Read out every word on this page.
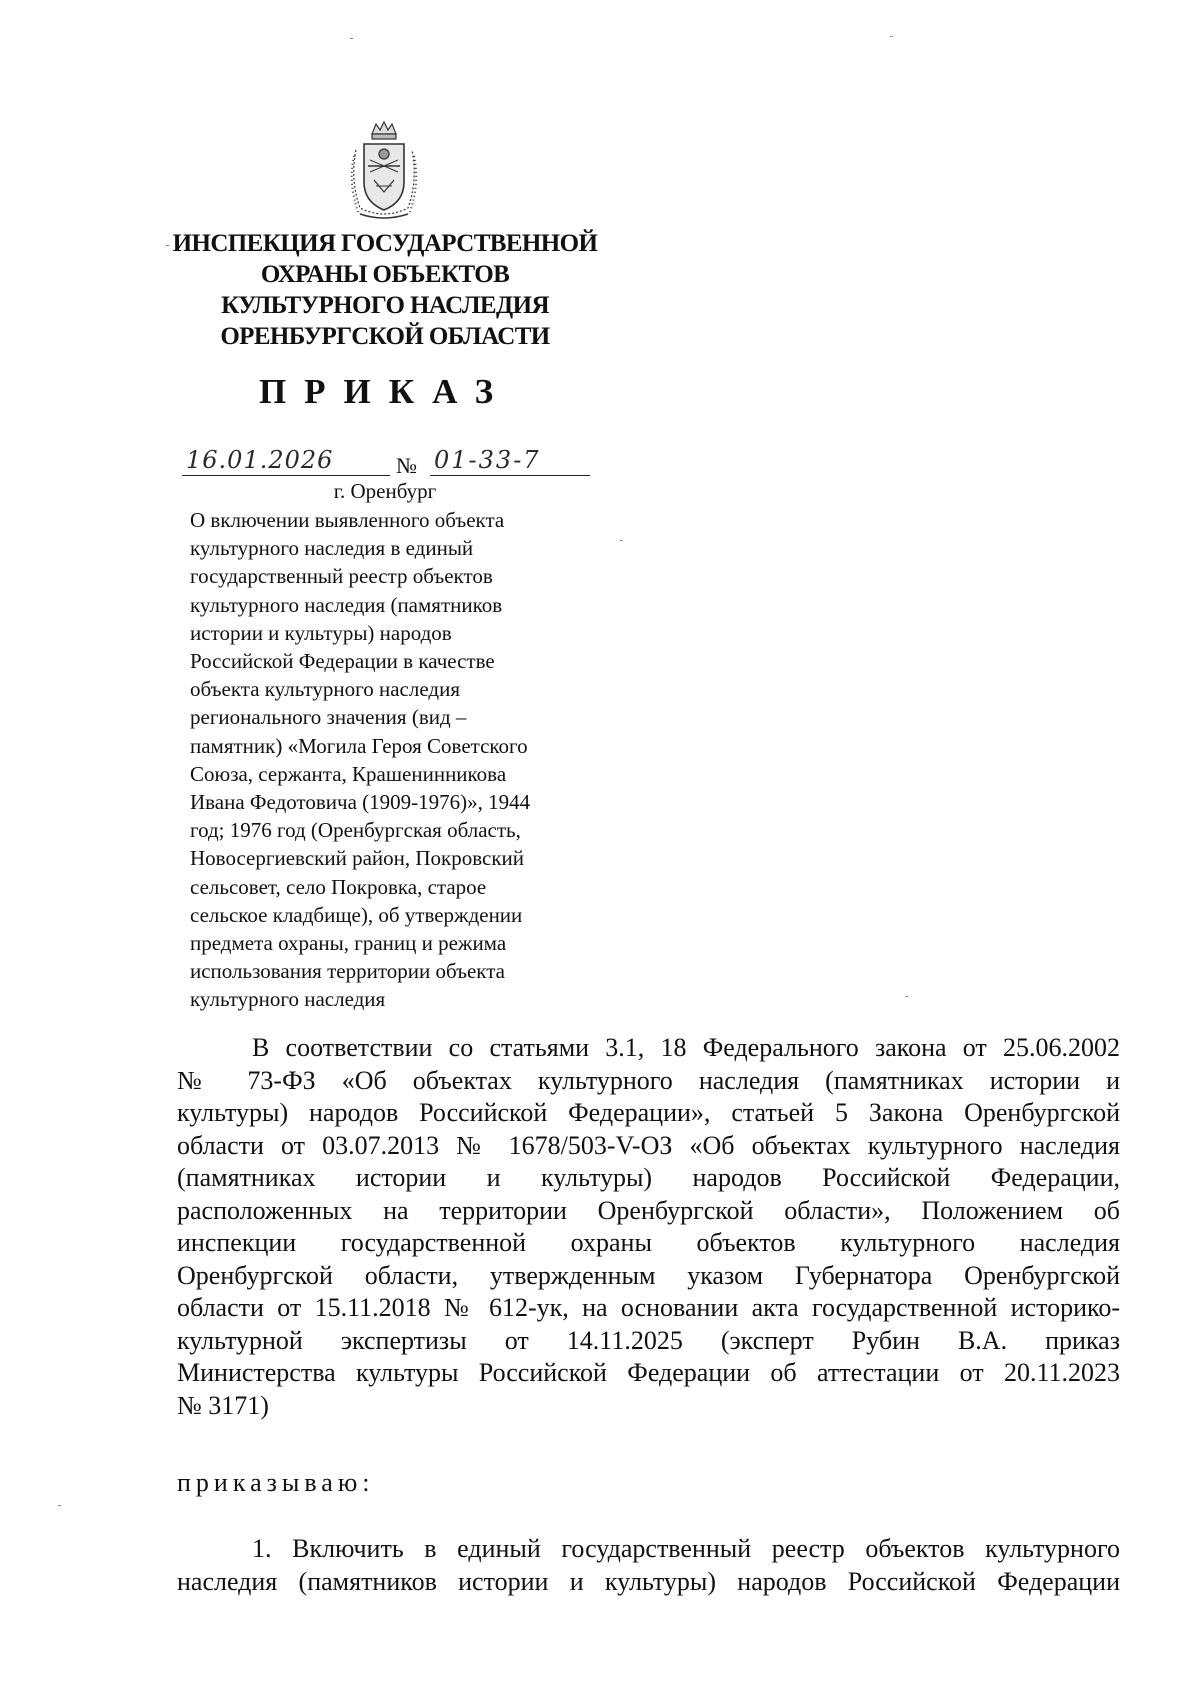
ИНСПЕКЦИЯ ГОСУДАРСТВЕННОЙ
ОХРАНЫ ОБЪЕКТОВ
КУЛЬТУРНОГО НАСЛЕДИЯ
ОРЕНБУРГСКОЙ ОБЛАСТИ
ПРИКАЗ
16.01.2026	№ 01-33-7
г. Оренбург
О включении выявленного объекта
культурного наследия в единый
государственный реестр объектов
культурного наследия (памятников
истории и культуры) народов
Российской Федерации в качестве
объекта культурного наследия
регионального значения (вид –
памятник) «Могила Героя Советского
Союза, сержанта, Крашенинникова
Ивана Федотовича (1909-1976)», 1944
год; 1976 год (Оренбургская область,
Новосергиевский район, Покровский
сельсовет, село Покровка, старое
сельское кладбище), об утверждении
предмета охраны, границ и режима
использования территории объекта
культурного наследия
В соответствии со статьями 3.1, 18 Федерального закона от 25.06.2002
№ 73-ФЗ «Об объектах культурного наследия (памятниках истории и
культуры) народов Российской Федерации», статьей 5 Закона Оренбургской
области от 03.07.2013 № 1678/503-V-ОЗ «Об объектах культурного наследия
(памятниках истории и культуры) народов Российской Федерации,
расположенных на территории Оренбургской области», Положением об
инспекции государственной охраны объектов культурного наследия
Оренбургской области, утвержденным указом Губернатора Оренбургской
области от 15.11.2018 № 612-ук, на основании акта государственной историко-
культурной экспертизы от 14.11.2025 (эксперт Рубин В.А. приказ
Министерства культуры Российской Федерации об аттестации от 20.11.2023
№ 3171)
приказываю:
1. Включить в единый государственный реестр объектов культурного
наследия (памятников истории и культуры) народов Российской Федерации
